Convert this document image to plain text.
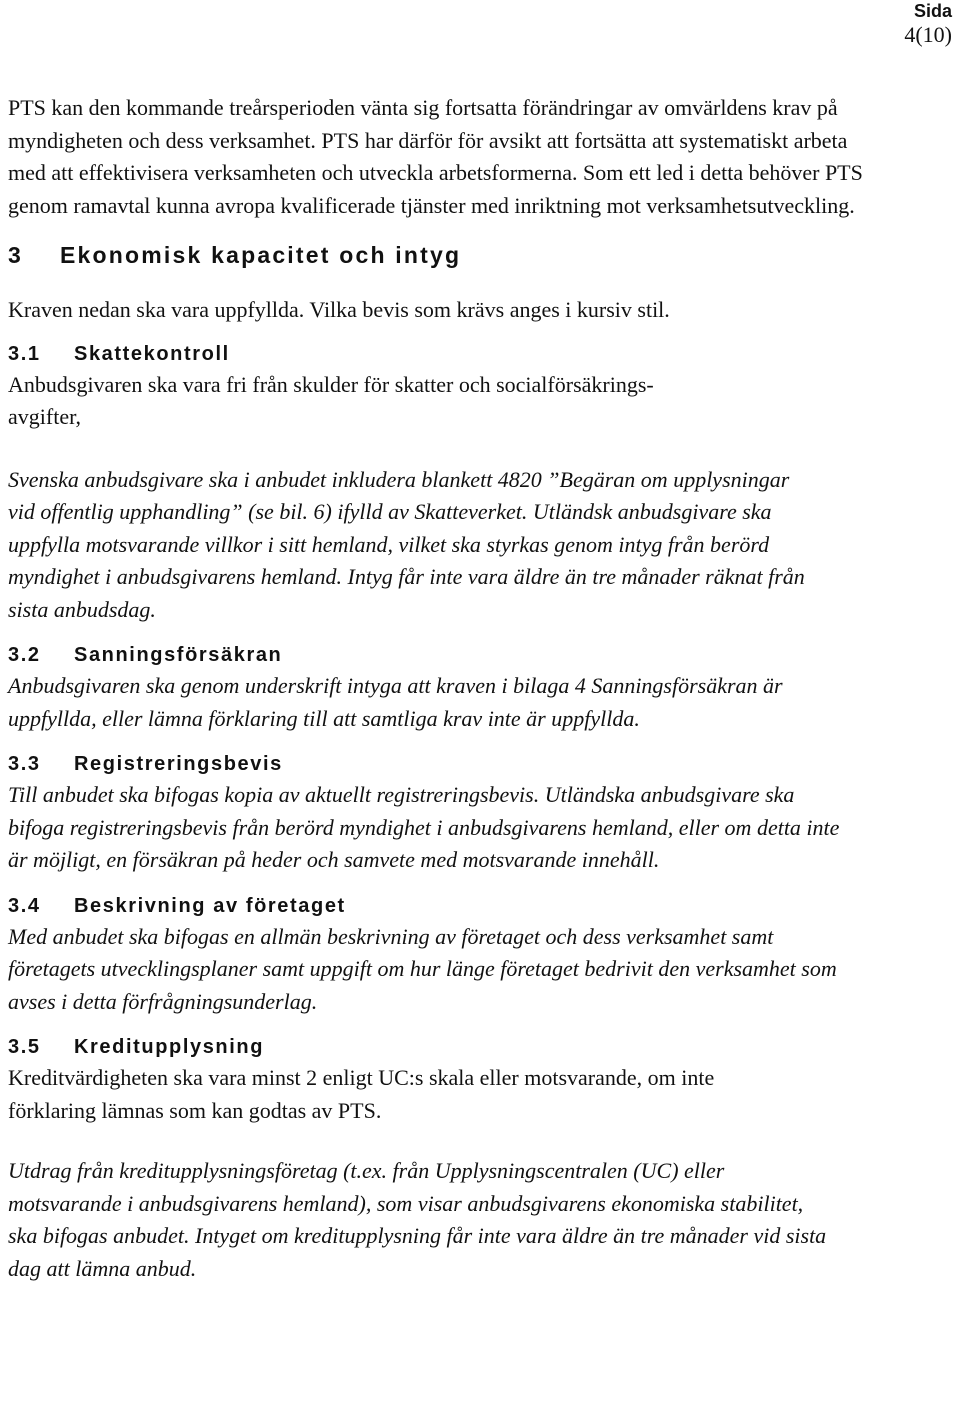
Sida
4(10)

PTS kan den kommande treårsperioden vänta sig fortsatta förändringar av omvärldens krav på myndigheten och dess verksamhet. PTS har därför för avsikt att fortsätta att systematiskt arbeta med att effektivisera verksamheten och utveckla arbetsformerna. Som ett led i detta behöver PTS genom ramavtal kunna avropa kvalificerade tjänster med inriktning mot verksamhetsutveckling.

3 Ekonomisk kapacitet och intyg

Kraven nedan ska vara uppfyllda. Vilka bevis som krävs anges i kursiv stil.

3.1 Skattekontroll
Anbudsgivaren ska vara fri från skulder för skatter och socialförsäkrings-
avgifter,
Svenska anbudsgivare ska i anbudet inkludera blankett 4820 ”Begäran om upplysningar
vid offentlig upphandling” (se bil. 6) ifylld av Skatteverket. Utländsk anbudsgivare ska
uppfylla motsvarande villkor i sitt hemland, vilket ska styrkas genom intyg från berörd
myndighet i anbudsgivarens hemland. Intyg får inte vara äldre än tre månader räknat från
sista anbudsdag.
3.2 Sanningsförsäkran
Anbudsgivaren ska genom underskrift intyga att kraven i bilaga 4 Sanningsförsäkran är
uppfyllda, eller lämna förklaring till att samtliga krav inte är uppfyllda.
3.3 Registreringsbevis
Till anbudet ska bifogas kopia av aktuellt registreringsbevis. Utländska anbudsgivare ska
bifoga registreringsbevis från berörd myndighet i anbudsgivarens hemland, eller om detta inte
är möjligt, en försäkran på heder och samvete med motsvarande innehåll.
3.4 Beskrivning av företaget
Med anbudet ska bifogas en allmän beskrivning av företaget och dess verksamhet samt
företagets utvecklingsplaner samt uppgift om hur länge företaget bedrivit den verksamhet som
avses i detta förfrågningsunderlag.
3.5 Kreditupplysning
Kreditvärdigheten ska vara minst 2 enligt UC:s skala eller motsvarande, om inte
förklaring lämnas som kan godtas av PTS.
Utdrag från kreditupplysningsföretag (t.ex. från Upplysningscentralen (UC) eller
motsvarande i anbudsgivarens hemland), som visar anbudsgivarens ekonomiska stabilitet,
ska bifogas anbudet. Intyget om kreditupplysning får inte vara äldre än tre månader vid sista
dag att lämna anbud.
